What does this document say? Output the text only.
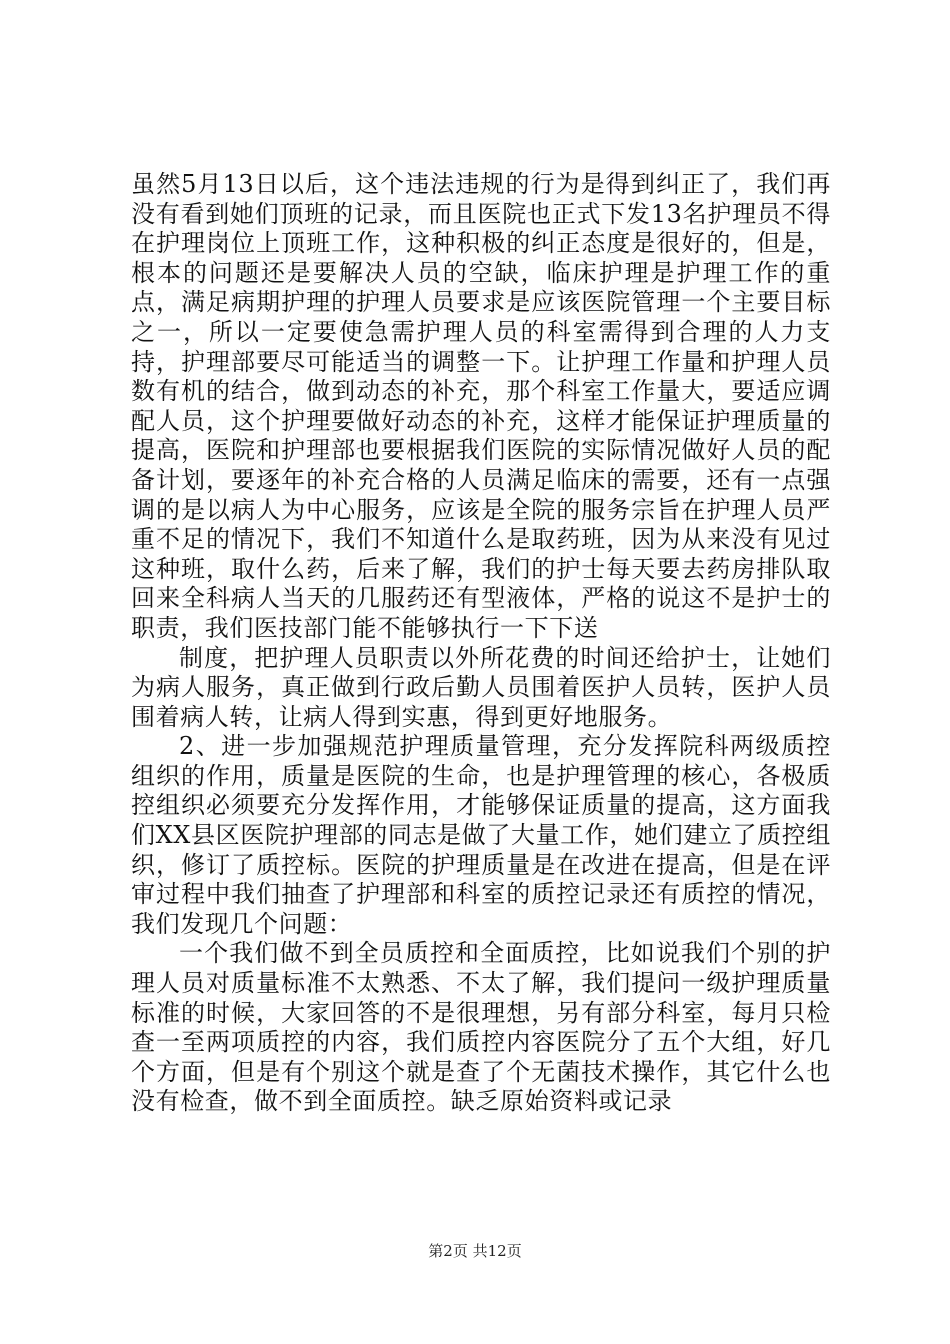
虽然5月13日以后，这个违法违规的行为是得到纠正了，我们再没有看到她们顶班的记录，而且医院也正式下发13名护理员不得在护理岗位上顶班工作，这种积极的纠正态度是很好的，但是，根本的问题还是要解决人员的空缺，临床护理是护理工作的重点，满足病期护理的护理人员要求是应该医院管理一个主要目标之一，所以一定要使急需护理人员的科室需得到合理的人力支持，护理部要尽可能适当的调整一下。让护理工作量和护理人员数有机的结合，做到动态的补充，那个科室工作量大，要适应调配人员，这个护理要做好动态的补充，这样才能保证护理质量的提高，医院和护理部也要根据我们医院的实际情况做好人员的配备计划，要逐年的补充合格的人员满足临床的需要，还有一点强调的是以病人为中心服务，应该是全院的服务宗旨在护理人员严重不足的情况下，我们不知道什么是取药班，因为从来没有见过这种班，取什么药，后来了解，我们的护士每天要去药房排队取回来全科病人当天的几服药还有型液体，严格的说这不是护士的职责，我们医技部门能不能够执行一下下送

制度，把护理人员职责以外所花费的时间还给护士，让她们为病人服务，真正做到行政后勤人员围着医护人员转，医护人员围着病人转，让病人得到实惠，得到更好地服务。

2、进一步加强规范护理质量管理，充分发挥院科两级质控组织的作用，质量是医院的生命，也是护理管理的核心，各极质控组织必须要充分发挥作用，才能够保证质量的提高，这方面我们XX县区医院护理部的同志是做了大量工作，她们建立了质控组织，修订了质控标。医院的护理质量是在改进在提高，但是在评审过程中我们抽查了护理部和科室的质控记录还有质控的情况，我们发现几个问题：

一个我们做不到全员质控和全面质控，比如说我们个别的护理人员对质量标准不太熟悉、不太了解，我们提问一级护理质量标准的时候，大家回答的不是很理想，另有部分科室，每月只检查一至两项质控的内容，我们质控内容医院分了五个大组，好几个方面，但是有个别这个就是查了个无菌技术操作，其它什么也没有检查，做不到全面质控。缺乏原始资料或记录

第2页 共12页
